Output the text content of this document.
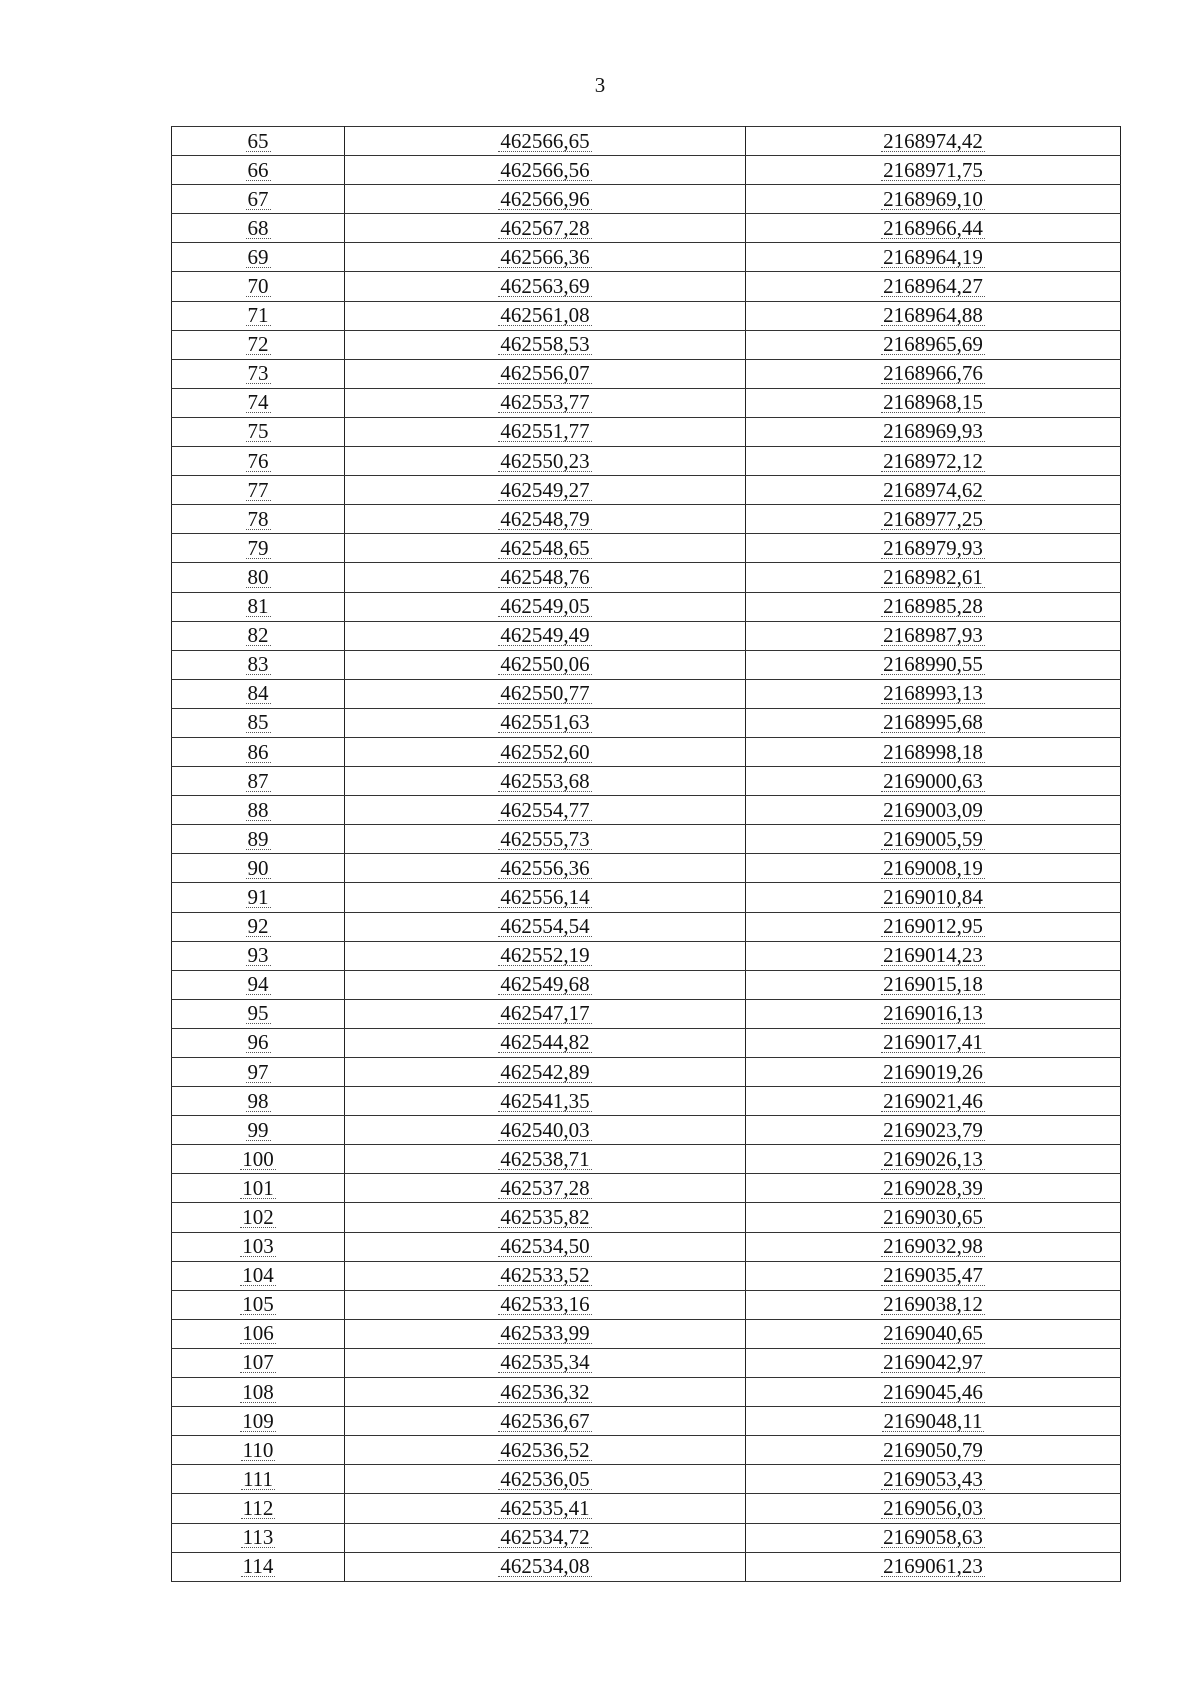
3
65	462566,65	2168974,42
66	462566,56	2168971,75
67	462566,96	2168969,10
68	462567,28	2168966,44
69	462566,36	2168964,19
70	462563,69	2168964,27
71	462561,08	2168964,88
72	462558,53	2168965,69
73	462556,07	2168966,76
74	462553,77	2168968,15
75	462551,77	2168969,93
76	462550,23	2168972,12
77	462549,27	2168974,62
78	462548,79	2168977,25
79	462548,65	2168979,93
80	462548,76	2168982,61
81	462549,05	2168985,28
82	462549,49	2168987,93
83	462550,06	2168990,55
84	462550,77	2168993,13
85	462551,63	2168995,68
86	462552,60	2168998,18
87	462553,68	2169000,63
88	462554,77	2169003,09
89	462555,73	2169005,59
90	462556,36	2169008,19
91	462556,14	2169010,84
92	462554,54	2169012,95
93	462552,19	2169014,23
94	462549,68	2169015,18
95	462547,17	2169016,13
96	462544,82	2169017,41
97	462542,89	2169019,26
98	462541,35	2169021,46
99	462540,03	2169023,79
100	462538,71	2169026,13
101	462537,28	2169028,39
102	462535,82	2169030,65
103	462534,50	2169032,98
104	462533,52	2169035,47
105	462533,16	2169038,12
106	462533,99	2169040,65
107	462535,34	2169042,97
108	462536,32	2169045,46
109	462536,67	2169048,11
110	462536,52	2169050,79
111	462536,05	2169053,43
112	462535,41	2169056,03
113	462534,72	2169058,63
114	462534,08	2169061,23
